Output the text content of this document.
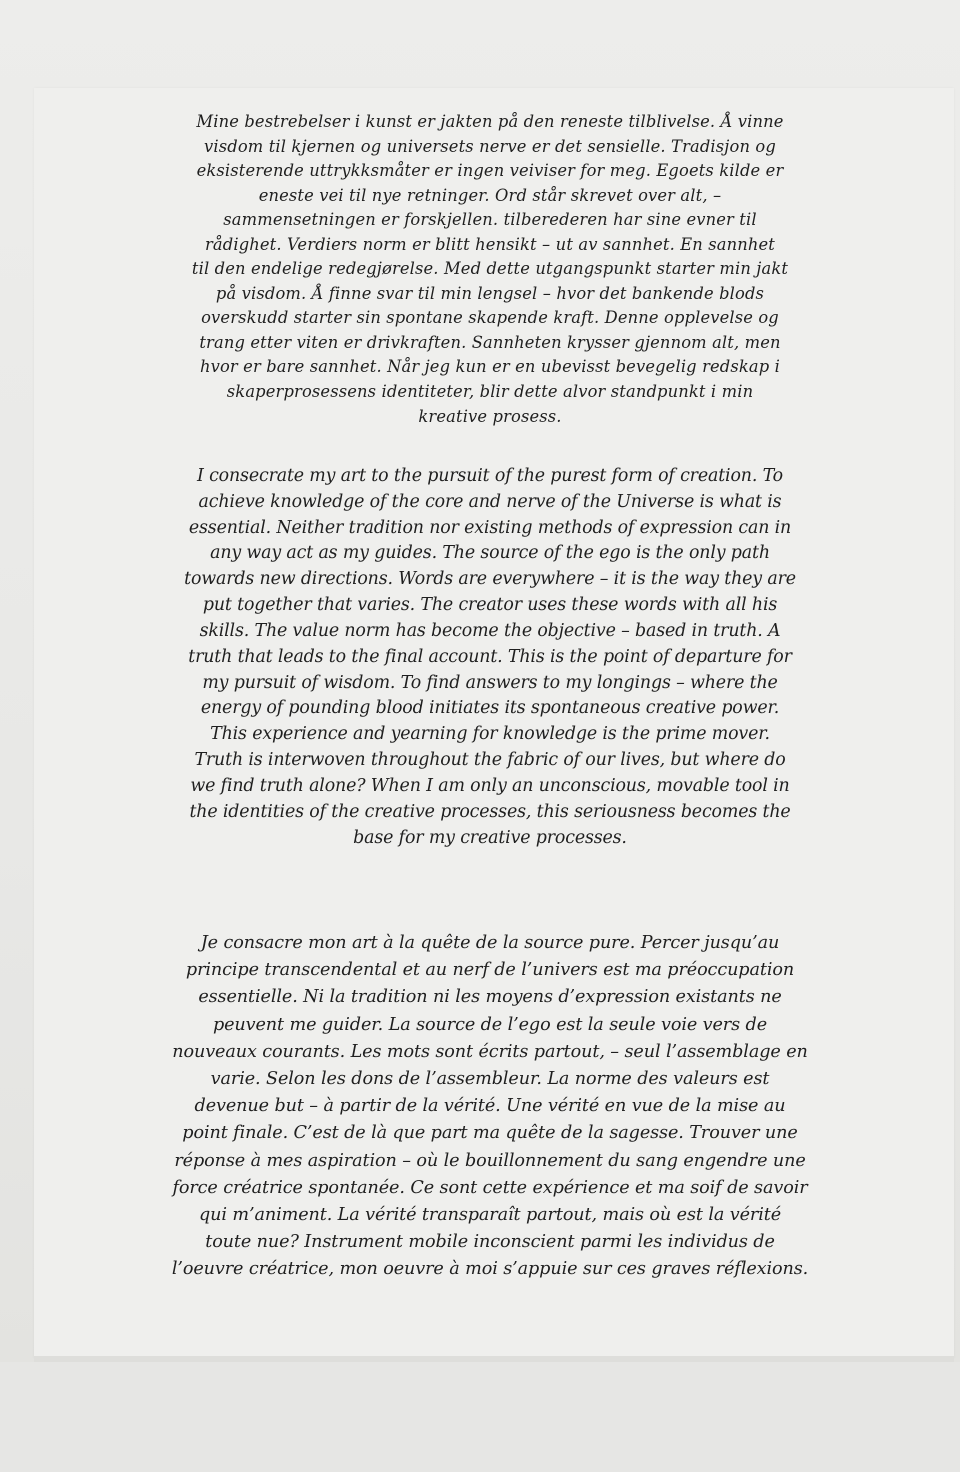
Mine bestrebelser i kunst er jakten på den reneste tilblivelse. Å vinne
visdom til kjernen og universets nerve er det sensielle. Tradisjon og
eksisterende uttrykksmåter er ingen veiviser for meg. Egoets kilde er
eneste vei til nye retninger. Ord står skrevet over alt, –
sammensetningen er forskjellen. tilberederen har sine evner til
rådighet. Verdiers norm er blitt hensikt – ut av sannhet. En sannhet
til den endelige redegjørelse. Med dette utgangspunkt starter min jakt
på visdom. Å finne svar til min lengsel – hvor det bankende blods
overskudd starter sin spontane skapende kraft. Denne opplevelse og
trang etter viten er drivkraften. Sannheten krysser gjennom alt, men
hvor er bare sannhet. Når jeg kun er en ubevisst bevegelig redskap i
skaperprosessens identiteter, blir dette alvor standpunkt i min
kreative prosess.

I consecrate my art to the pursuit of the purest form of creation. To
achieve knowledge of the core and nerve of the Universe is what is
essential. Neither tradition nor existing methods of expression can in
any way act as my guides. The source of the ego is the only path
towards new directions. Words are everywhere – it is the way they are
put together that varies. The creator uses these words with all his
skills. The value norm has become the objective – based in truth. A
truth that leads to the final account. This is the point of departure for
my pursuit of wisdom. To find answers to my longings – where the
energy of pounding blood initiates its spontaneous creative power.
This experience and yearning for knowledge is the prime mover.
Truth is interwoven throughout the fabric of our lives, but where do
we find truth alone? When I am only an unconscious, movable tool in
the identities of the creative processes, this seriousness becomes the
base for my creative processes.

Je consacre mon art à la quête de la source pure. Percer jusqu’au
principe transcendental et au nerf de l’univers est ma préoccupation
essentielle. Ni la tradition ni les moyens d’expression existants ne
peuvent me guider. La source de l’ego est la seule voie vers de
nouveaux courants. Les mots sont écrits partout, – seul l’assemblage en
varie. Selon les dons de l’assembleur. La norme des valeurs est
devenue but – à partir de la vérité. Une vérité en vue de la mise au
point finale. C’est de là que part ma quête de la sagesse. Trouver une
réponse à mes aspiration – où le bouillonnement du sang engendre une
force créatrice spontanée. Ce sont cette expérience et ma soif de savoir
qui m’animent. La vérité transparaît partout, mais où est la vérité
toute nue? Instrument mobile inconscient parmi les individus de
l’oeuvre créatrice, mon oeuvre à moi s’appuie sur ces graves réflexions.
